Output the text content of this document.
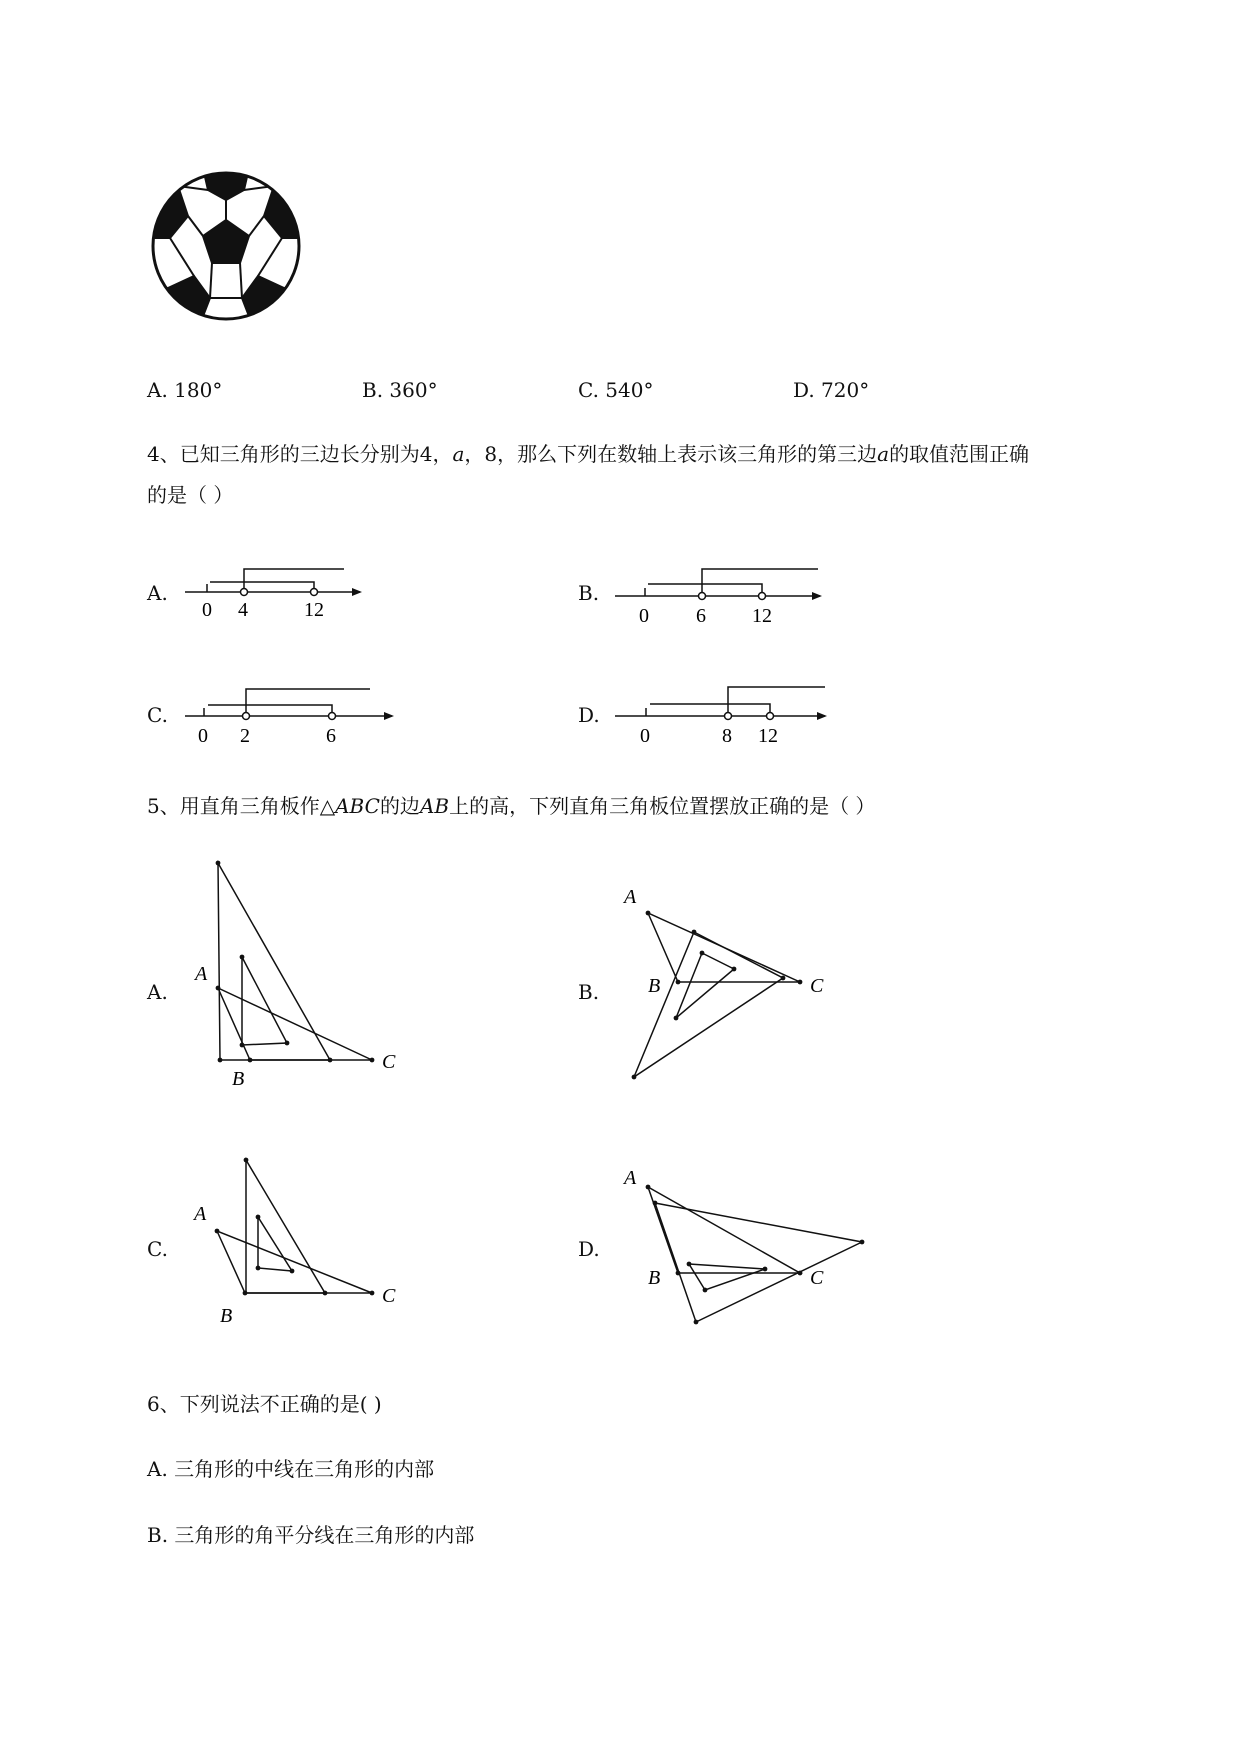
A. 180°	B. 360°	C. 540°	D. 720°
4、已知三角形的三边长分别为4，a，8，那么下列在数轴上表示该三角形的第三边a的取值范围正确
的是（ ）
A.
0 4	12
B.
0 6 12
C.
0 2	6
D.
0	8 12
5、用直角三角板作△ABC的边AB上的高，下列直角三角板位置摆放正确的是（ ）
A.
A
B
C
B.
A
B	C
C.
A
B
C
D.
A
B	C
6、下列说法不正确的是( )
A. 三角形的中线在三角形的内部
B. 三角形的角平分线在三角形的内部
